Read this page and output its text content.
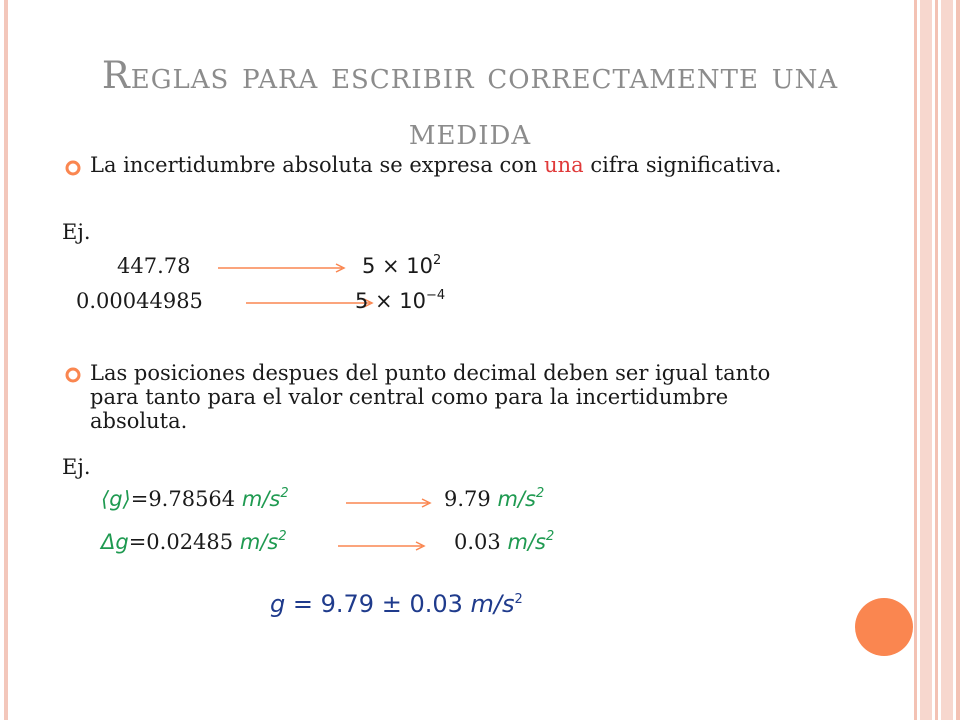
Reglas para escribir correctamente una medida
La incertidumbre absoluta se expresa con una cifra significativa.
Ej.
447.78	$5 \times 10^2$
0.00044985	$5 \times 10^{-4}$
Las posiciones despues del punto decimal deben ser igual tanto para tanto para el valor central como para la incertidumbre absoluta.
Ej.
⟨g⟩=9.78564 $m/s^2$	9.79 $m/s^2$
Δg=0.02485 $m/s^2$	0.03 $m/s^2$
g = 9.79 ± 0.03 $m/s^2$
